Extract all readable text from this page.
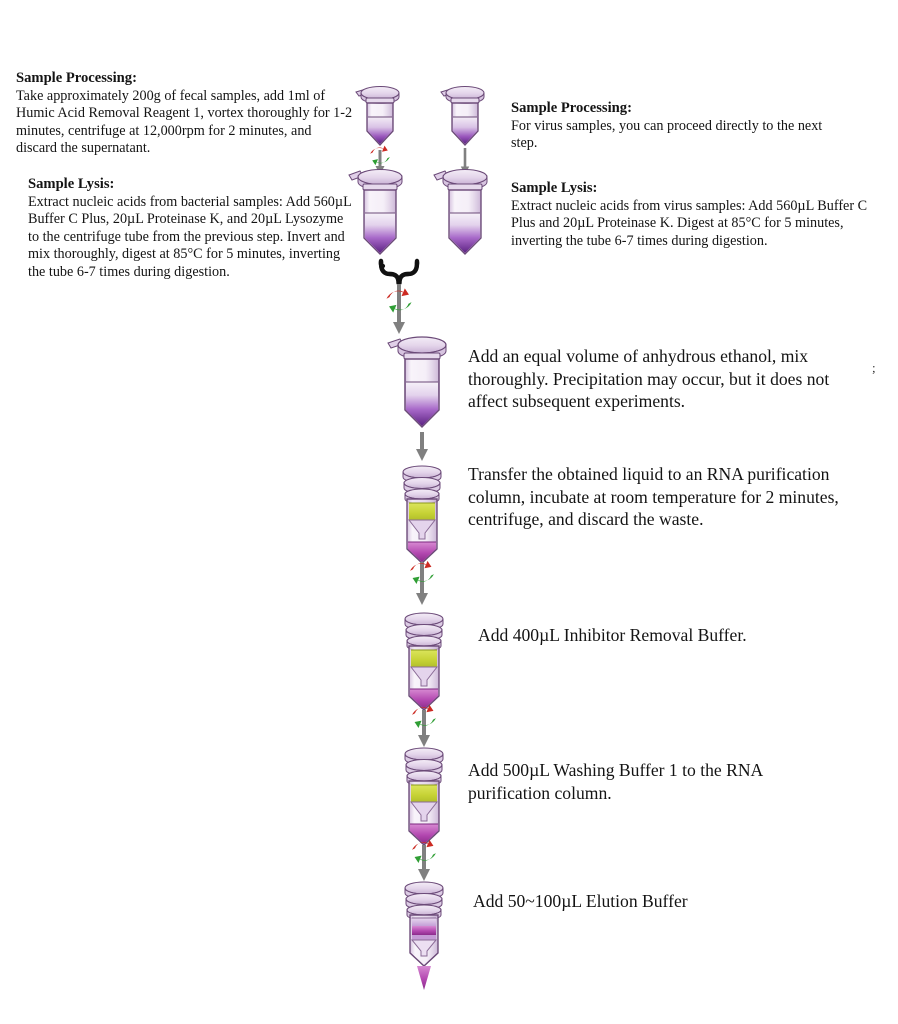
Sample Processing:
Take approximately 200g of fecal samples, add 1ml of Humic Acid Removal Reagent 1, vortex thoroughly for 1-2 minutes, centrifuge at 12,000rpm for 2 minutes, and discard the supernatant.
Sample Lysis:
Extract nucleic acids from bacterial samples: Add 560µL Buffer C Plus, 20µL Proteinase K, and 20µL Lysozyme to the centrifuge tube from the previous step. Invert and mix thoroughly, digest at 85°C for 5 minutes, inverting the tube 6-7 times during digestion.
Sample Processing:
For virus samples, you can proceed directly to the next step.
Sample Lysis:
Extract nucleic acids from virus samples: Add 560µL Buffer C Plus and 20µL Proteinase K. Digest at 85°C for 5 minutes, inverting the tube 6-7 times during digestion.
Add an equal volume of anhydrous ethanol, mix thoroughly. Precipitation may occur, but it does not affect subsequent experiments.
Transfer the obtained liquid to an RNA purification column, incubate at room temperature for 2 minutes, centrifuge, and discard the waste.
Add 400µL Inhibitor Removal Buffer.
Add 500µL Washing Buffer 1 to the RNA purification column.
Add 50~100µL Elution Buffer
;
